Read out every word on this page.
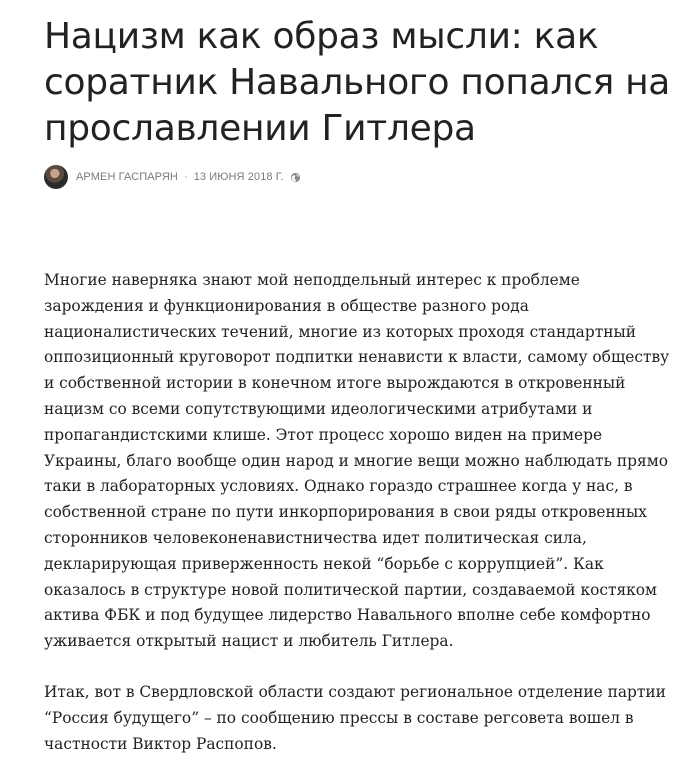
Нацизм как образ мысли: как соратник Навального попался на прославлении Гитлера
АРМЕН ГАСПАРЯН · 13 ИЮНЯ 2018 Г.

Многие наверняка знают мой неподдельный интерес к проблеме зарождения и функционирования в обществе разного рода националистических течений, многие из которых проходя стандартный оппозиционный круговорот подпитки ненависти к власти, самому обществу и собственной истории в конечном итоге вырождаются в откровенный нацизм со всеми сопутствующими идеологическими атрибутами и пропагандистскими клише. Этот процесс хорошо виден на примере Украины, благо вообще один народ и многие вещи можно наблюдать прямо таки в лабораторных условиях. Однако гораздо страшнее когда у нас, в собственной стране по пути инкорпорирования в свои ряды откровенных сторонников человеконенавистничества идет политическая сила, декларирующая приверженность некой “борьбе с коррупцией”. Как оказалось в структуре новой политической партии, создаваемой костяком актива ФБК и под будущее лидерство Навального вполне себе комфортно уживается открытый нацист и любитель Гитлера.

Итак, вот в Свердловской области создают региональное отделение партии “Россия будущего” – по сообщению прессы в составе регсовета вошел в частности Виктор Распопов.
